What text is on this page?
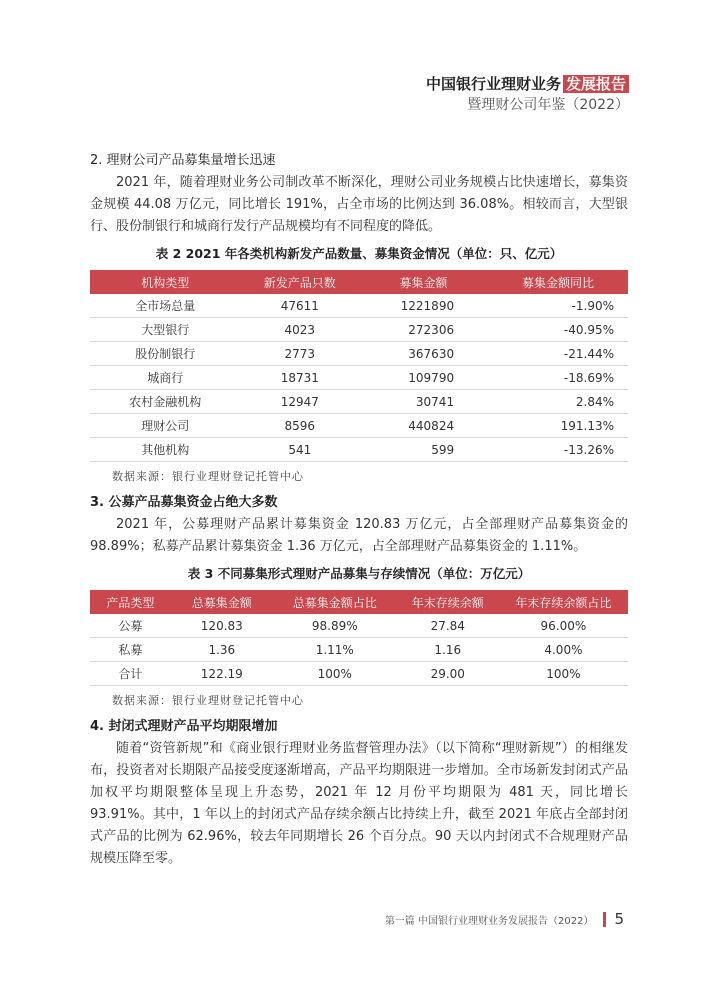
中国银行业理财业务 发展报告
暨理财公司年鉴（2022）

2. 理财公司产品募集量增长迅速

2021 年，随着理财业务公司制改革不断深化，理财公司业务规模占比快速增长，募集资金规模 44.08 万亿元，同比增长 191%，占全市场的比例达到 36.08%。相较而言，大型银行、股份制银行和城商行发行产品规模均有不同程度的降低。

表 2 2021 年各类机构新发产品数量、募集资金情况（单位：只、亿元）
机构类型	新发产品只数	募集金额	募集金额同比
全市场总量	47611	1221890	-1.90%
大型银行	4023	272306	-40.95%
股份制银行	2773	367630	-21.44%
城商行	18731	109790	-18.69%
农村金融机构	12947	30741	2.84%
理财公司	8596	440824	191.13%
其他机构	541	599	-13.26%
数据来源：银行业理财登记托管中心

3. 公募产品募集资金占绝大多数

2021 年，公募理财产品累计募集资金 120.83 万亿元，占全部理财产品募集资金的 98.89%；私募产品累计募集资金 1.36 万亿元，占全部理财产品募集资金的 1.11%。

表 3 不同募集形式理财产品募集与存续情况（单位：万亿元）
产品类型	总募集金额	总募集金额占比	年末存续余额	年末存续余额占比
公募	120.83	98.89%	27.84	96.00%
私募	1.36	1.11%	1.16	4.00%
合计	122.19	100%	29.00	100%
数据来源：银行业理财登记托管中心

4. 封闭式理财产品平均期限增加

随着“资管新规”和《商业银行理财业务监督管理办法》（以下简称“理财新规”）的相继发布，投资者对长期限产品接受度逐渐增高，产品平均期限进一步增加。全市场新发封闭式产品加权平均期限整体呈现上升态势，2021 年 12 月份平均期限为 481 天，同比增长 93.91%。其中，1 年以上的封闭式产品存续余额占比持续上升，截至 2021 年底占全部封闭式产品的比例为 62.96%，较去年同期增长 26 个百分点。90 天以内封闭式不合规理财产品规模压降至零。

第一篇 中国银行业理财业务发展报告（2022） 5
